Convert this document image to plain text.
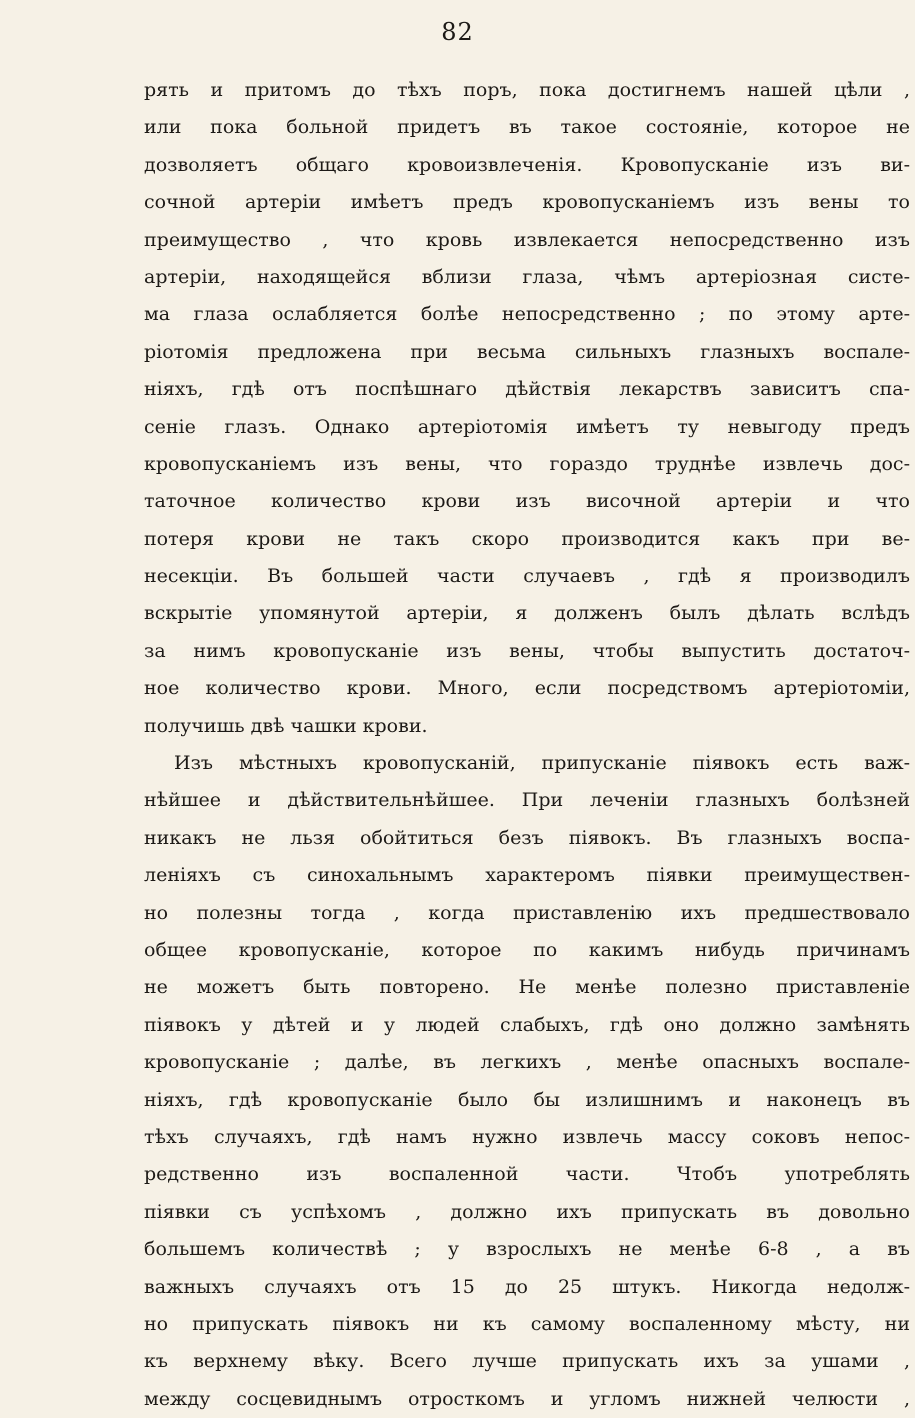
82
рять и притомъ до тѣхъ поръ, пока достигнемъ нашей цѣли ,
или пока больной придетъ въ такое состоянie, которое не
дозволяетъ общаго кровоизвлеченiя. Кровопусканie изъ ви-
сочной артерiи имѣетъ предъ кровопусканieмъ изъ вены то
преимущество , что кровь извлекается непосредственно изъ
артерiи, находящейся вблизи глаза, чѣмъ артерiозная систе-
ма глаза ослабляется болѣе непосредственно ; по этому арте-
рiотомiя предложена при весьма сильныхъ глазныхъ воспале-
нiяхъ, гдѣ отъ поспѣшнаго дѣйствiя лекарствъ зависитъ спа-
сенie глазъ. Однако артерiотомiя имѣетъ ту невыгоду предъ
кровопусканieмъ изъ вены, что гораздо труднѣе извлечь дос-
таточное количество крови изъ височной артерiи и что
потеря крови не такъ скоро производится какъ при ве-
несекцiи. Въ большей части случаевъ , гдѣ я производилъ
вскрытie упомянутой артерiи, я долженъ былъ дѣлать вслѣдъ
за нимъ кровопусканie изъ вены, чтобы выпустить достаточ-
ное количество крови. Много, если посредствомъ артерiотомiи,
получишь двѣ чашки крови.
Изъ мѣстныхъ кровопусканiй, припусканie пiявокъ есть важ-
нѣйшее и дѣйствительнѣйшее. При леченiи глазныхъ болѣзней
никакъ не льзя обойтиться безъ пiявокъ. Въ глазныхъ воспа-
ленiяхъ съ синохальнымъ характеромъ пiявки преимуществен-
но полезны тогда , когда приставленiю ихъ предшествовало
общее кровопусканie, которое по какимъ нибудь причинамъ
не можетъ быть повторено. Не менѣе полезно приставленie
пiявокъ у дѣтей и у людей слабыхъ, гдѣ оно должно замѣнять
кровопусканie ; далѣе, въ легкихъ , менѣе опасныхъ воспале-
нiяхъ, гдѣ кровопусканie было бы излишнимъ и наконецъ въ
тѣхъ случаяхъ, гдѣ намъ нужно извлечь массу соковъ непос-
редственно изъ воспаленной части. Чтобъ употреблять
пiявки съ успѣхомъ , должно ихъ припускать въ довольно
большемъ количествѣ ; у взрослыхъ не менѣе 6-8 , а въ
важныхъ случаяхъ отъ 15 до 25 штукъ. Никогда недолж-
но припускать пiявокъ ни къ самому воспаленному мѣсту, ни
къ верхнему вѣку. Всего лучше припускать ихъ за ушами ,
между сосцевиднымъ отросткомъ и угломъ нижней челюсти ,
